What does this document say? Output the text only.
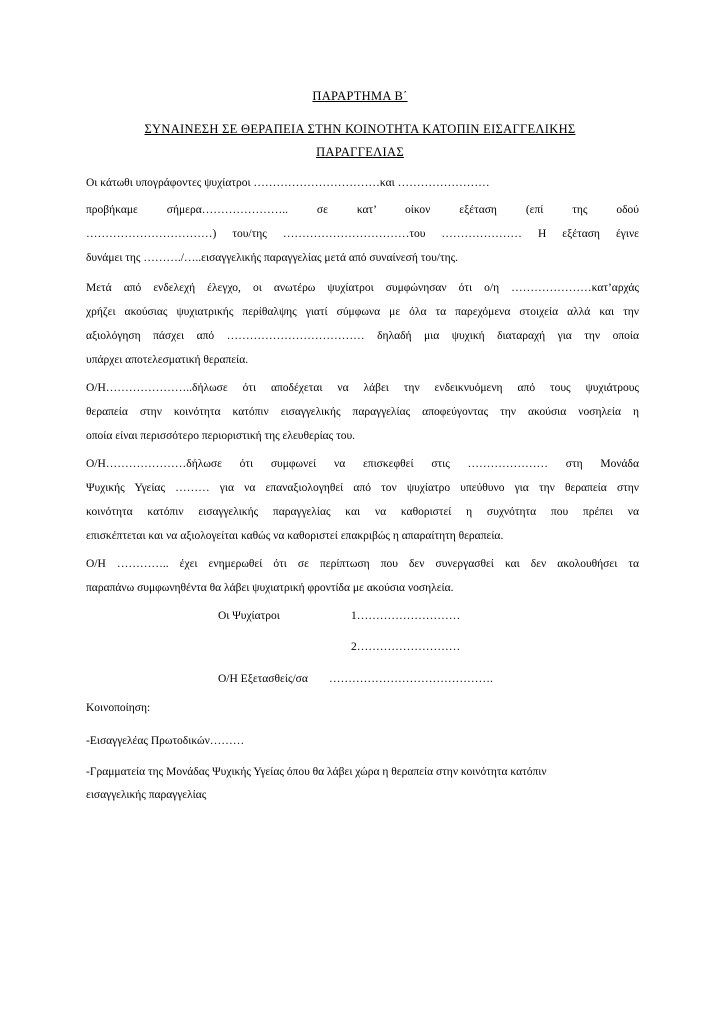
ΠΑΡΑΡΤΗΜΑ Β΄
ΣΥΝΑΙΝΕΣΗ ΣΕ ΘΕΡΑΠΕΙΑ ΣΤΗΝ ΚΟΙΝΟΤΗΤΑ ΚΑΤΟΠΙΝ ΕΙΣΑΓΓΕΛΙΚΗΣ
ΠΑΡΑΓΓΕΛΙΑΣ
Οι κάτωθι υπογράφοντες ψυχίατροι ……………………………και ……………………
προβήκαμε σήμερα………………….. σε κατ’ οίκον εξέταση (επί της οδού
……………………………) του/της ……………………………του ………………… Η εξέταση έγινε
δυνάμει της ………./…..εισαγγελικής παραγγελίας μετά από συναίνεσή του/της.
Μετά από ενδελεχή έλεγχο, οι ανωτέρω ψυχίατροι συμφώνησαν ότι ο/η …………………κατ’αρχάς
χρήζει ακούσιας ψυχιατρικής περίθαλψης γιατί σύμφωνα με όλα τα παρεχόμενα στοιχεία αλλά και την
αξιολόγηση πάσχει από ……………………………… δηλαδή μια ψυχική διαταραχή για την οποία
υπάρχει αποτελεσματική θεραπεία.
Ο/Η…………………..δήλωσε ότι αποδέχεται να λάβει την ενδεικνυόμενη από τους ψυχιάτρους
θεραπεία στην κοινότητα κατόπιν εισαγγελικής παραγγελίας αποφεύγοντας την ακούσια νοσηλεία η
οποία είναι περισσότερο περιοριστική της ελευθερίας του.
Ο/Η…………………δήλωσε ότι συμφωνεί να επισκεφθεί στις ………………… στη Μονάδα
Ψυχικής Υγείας ……… για να επαναξιολογηθεί από τον ψυχίατρο υπεύθυνο για την θεραπεία στην
κοινότητα κατόπιν εισαγγελικής παραγγελίας και να καθοριστεί η συχνότητα που πρέπει να
επισκέπτεται και να αξιολογείται καθώς να καθοριστεί επακριβώς η απαραίτητη θεραπεία.
Ο/Η ………….. έχει ενημερωθεί ότι σε περίπτωση που δεν συνεργασθεί και δεν ακολουθήσει τα
παραπάνω συμφωνηθέντα θα λάβει ψυχιατρική φροντίδα με ακούσια νοσηλεία.
Οι Ψυχίατροι	1………………………
2………………………
Ο/Η Εξετασθείς/σα …………………………………….
Κοινοποίηση:
-Εισαγγελέας Πρωτοδικών………
-Γραμματεία της Μονάδας Ψυχικής Υγείας όπου θα λάβει χώρα η θεραπεία στην κοινότητα κατόπιν
εισαγγελικής παραγγελίας
